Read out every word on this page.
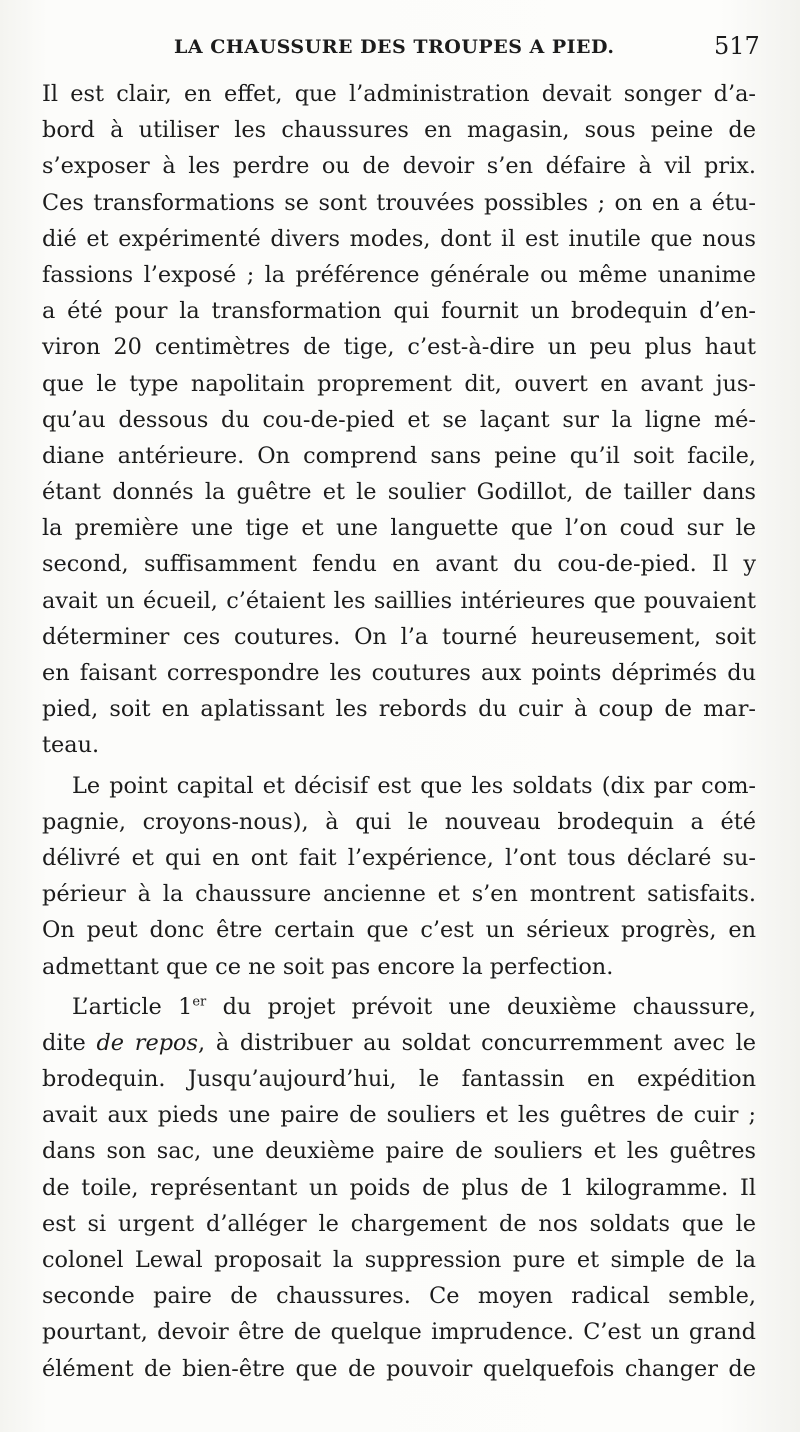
LA CHAUSSURE DES TROUPES A PIED.	517
Il est clair, en effet, que l’administration devait songer d’a-
bord à utiliser les chaussures en magasin, sous peine de
s’exposer à les perdre ou de devoir s’en défaire à vil prix.
Ces transformations se sont trouvées possibles ; on en a étu-
dié et expérimenté divers modes, dont il est inutile que nous
fassions l’exposé ; la préférence générale ou même unanime
a été pour la transformation qui fournit un brodequin d’en-
viron 20 centimètres de tige, c’est-à-dire un peu plus haut
que le type napolitain proprement dit, ouvert en avant jus-
qu’au dessous du cou-de-pied et se laçant sur la ligne mé-
diane antérieure. On comprend sans peine qu’il soit facile,
étant donnés la guêtre et le soulier Godillot, de tailler dans
la première une tige et une languette que l’on coud sur le
second, suffisamment fendu en avant du cou-de-pied. Il y
avait un écueil, c’étaient les saillies intérieures que pouvaient
déterminer ces coutures. On l’a tourné heureusement, soit
en faisant correspondre les coutures aux points déprimés du
pied, soit en aplatissant les rebords du cuir à coup de mar-
teau.
Le point capital et décisif est que les soldats (dix par com-
pagnie, croyons-nous), à qui le nouveau brodequin a été
délivré et qui en ont fait l’expérience, l’ont tous déclaré su-
périeur à la chaussure ancienne et s’en montrent satisfaits.
On peut donc être certain que c’est un sérieux progrès, en
admettant que ce ne soit pas encore la perfection.
L’article 1er du projet prévoit une deuxième chaussure,
dite de repos, à distribuer au soldat concurremment avec le
brodequin. Jusqu’aujourd’hui, le fantassin en expédition
avait aux pieds une paire de souliers et les guêtres de cuir ;
dans son sac, une deuxième paire de souliers et les guêtres
de toile, représentant un poids de plus de 1 kilogramme. Il
est si urgent d’alléger le chargement de nos soldats que le
colonel Lewal proposait la suppression pure et simple de la
seconde paire de chaussures. Ce moyen radical semble,
pourtant, devoir être de quelque imprudence. C’est un grand
élément de bien-être que de pouvoir quelquefois changer de
